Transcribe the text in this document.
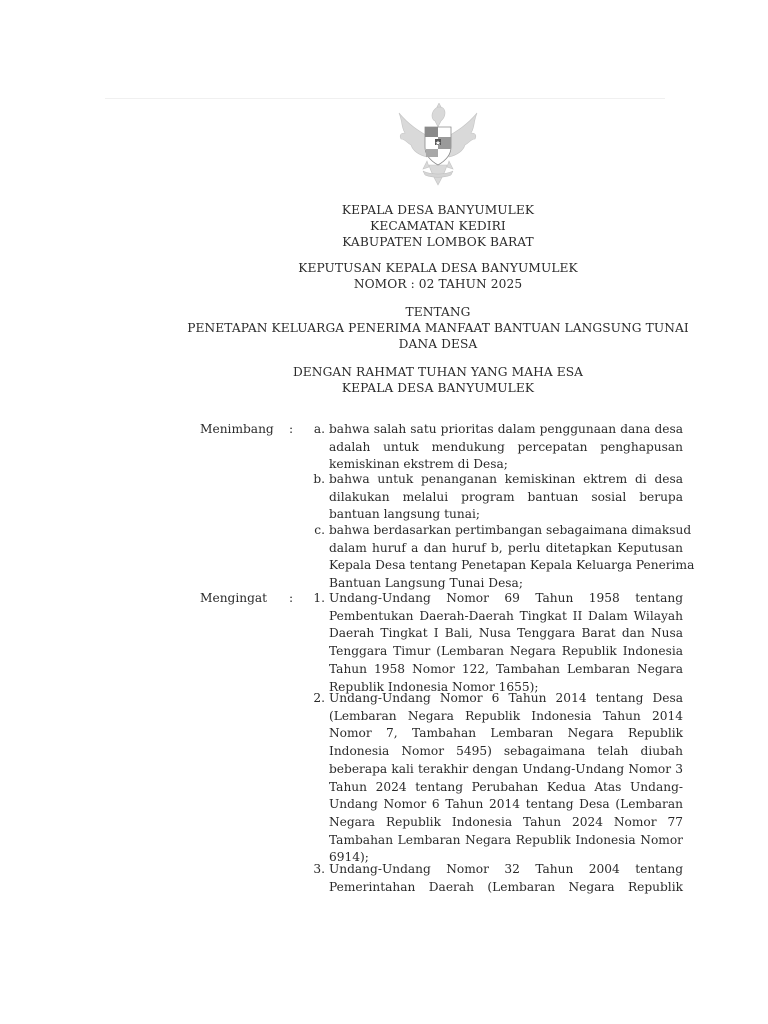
KEPALA DESA BANYUMULEK
KECAMATAN KEDIRI
KABUPATEN LOMBOK BARAT
KEPUTUSAN KEPALA DESA BANYUMULEK
NOMOR : 02 TAHUN 2025
TENTANG
PENETAPAN KELUARGA PENERIMA MANFAAT BANTUAN LANGSUNG TUNAI
DANA DESA
DENGAN RAHMAT TUHAN YANG MAHA ESA
KEPALA DESA BANYUMULEK
Menimbang :	a. bahwa salah satu prioritas dalam penggunaan dana desa
adalah untuk mendukung percepatan penghapusan
kemiskinan ekstrem di Desa;
b. bahwa untuk penanganan kemiskinan ektrem di desa
dilakukan melalui program bantuan sosial berupa
bantuan langsung tunai;
c. bahwa berdasarkan pertimbangan sebagaimana dimaksud
dalam huruf a dan huruf b, perlu ditetapkan Keputusan
Kepala Desa tentang Penetapan Kepala Keluarga Penerima
Bantuan Langsung Tunai Desa;
Mengingat :	1. Undang-Undang Nomor 69 Tahun 1958 tentang
Pembentukan Daerah-Daerah Tingkat II Dalam Wilayah
Daerah Tingkat I Bali, Nusa Tenggara Barat dan Nusa
Tenggara Timur (Lembaran Negara Republik Indonesia
Tahun 1958 Nomor 122, Tambahan Lembaran Negara
Republik Indonesia Nomor 1655);
2. Undang-Undang Nomor 6 Tahun 2014 tentang Desa
(Lembaran Negara Republik Indonesia Tahun 2014
Nomor 7, Tambahan Lembaran Negara Republik
Indonesia Nomor 5495) sebagaimana telah diubah
beberapa kali terakhir dengan Undang-Undang Nomor 3
Tahun 2024 tentang Perubahan Kedua Atas Undang-
Undang Nomor 6 Tahun 2014 tentang Desa (Lembaran
Negara Republik Indonesia Tahun 2024 Nomor 77
Tambahan Lembaran Negara Republik Indonesia Nomor
6914);
3. Undang-Undang Nomor 32 Tahun 2004 tentang
Pemerintahan Daerah (Lembaran Negara Republik
